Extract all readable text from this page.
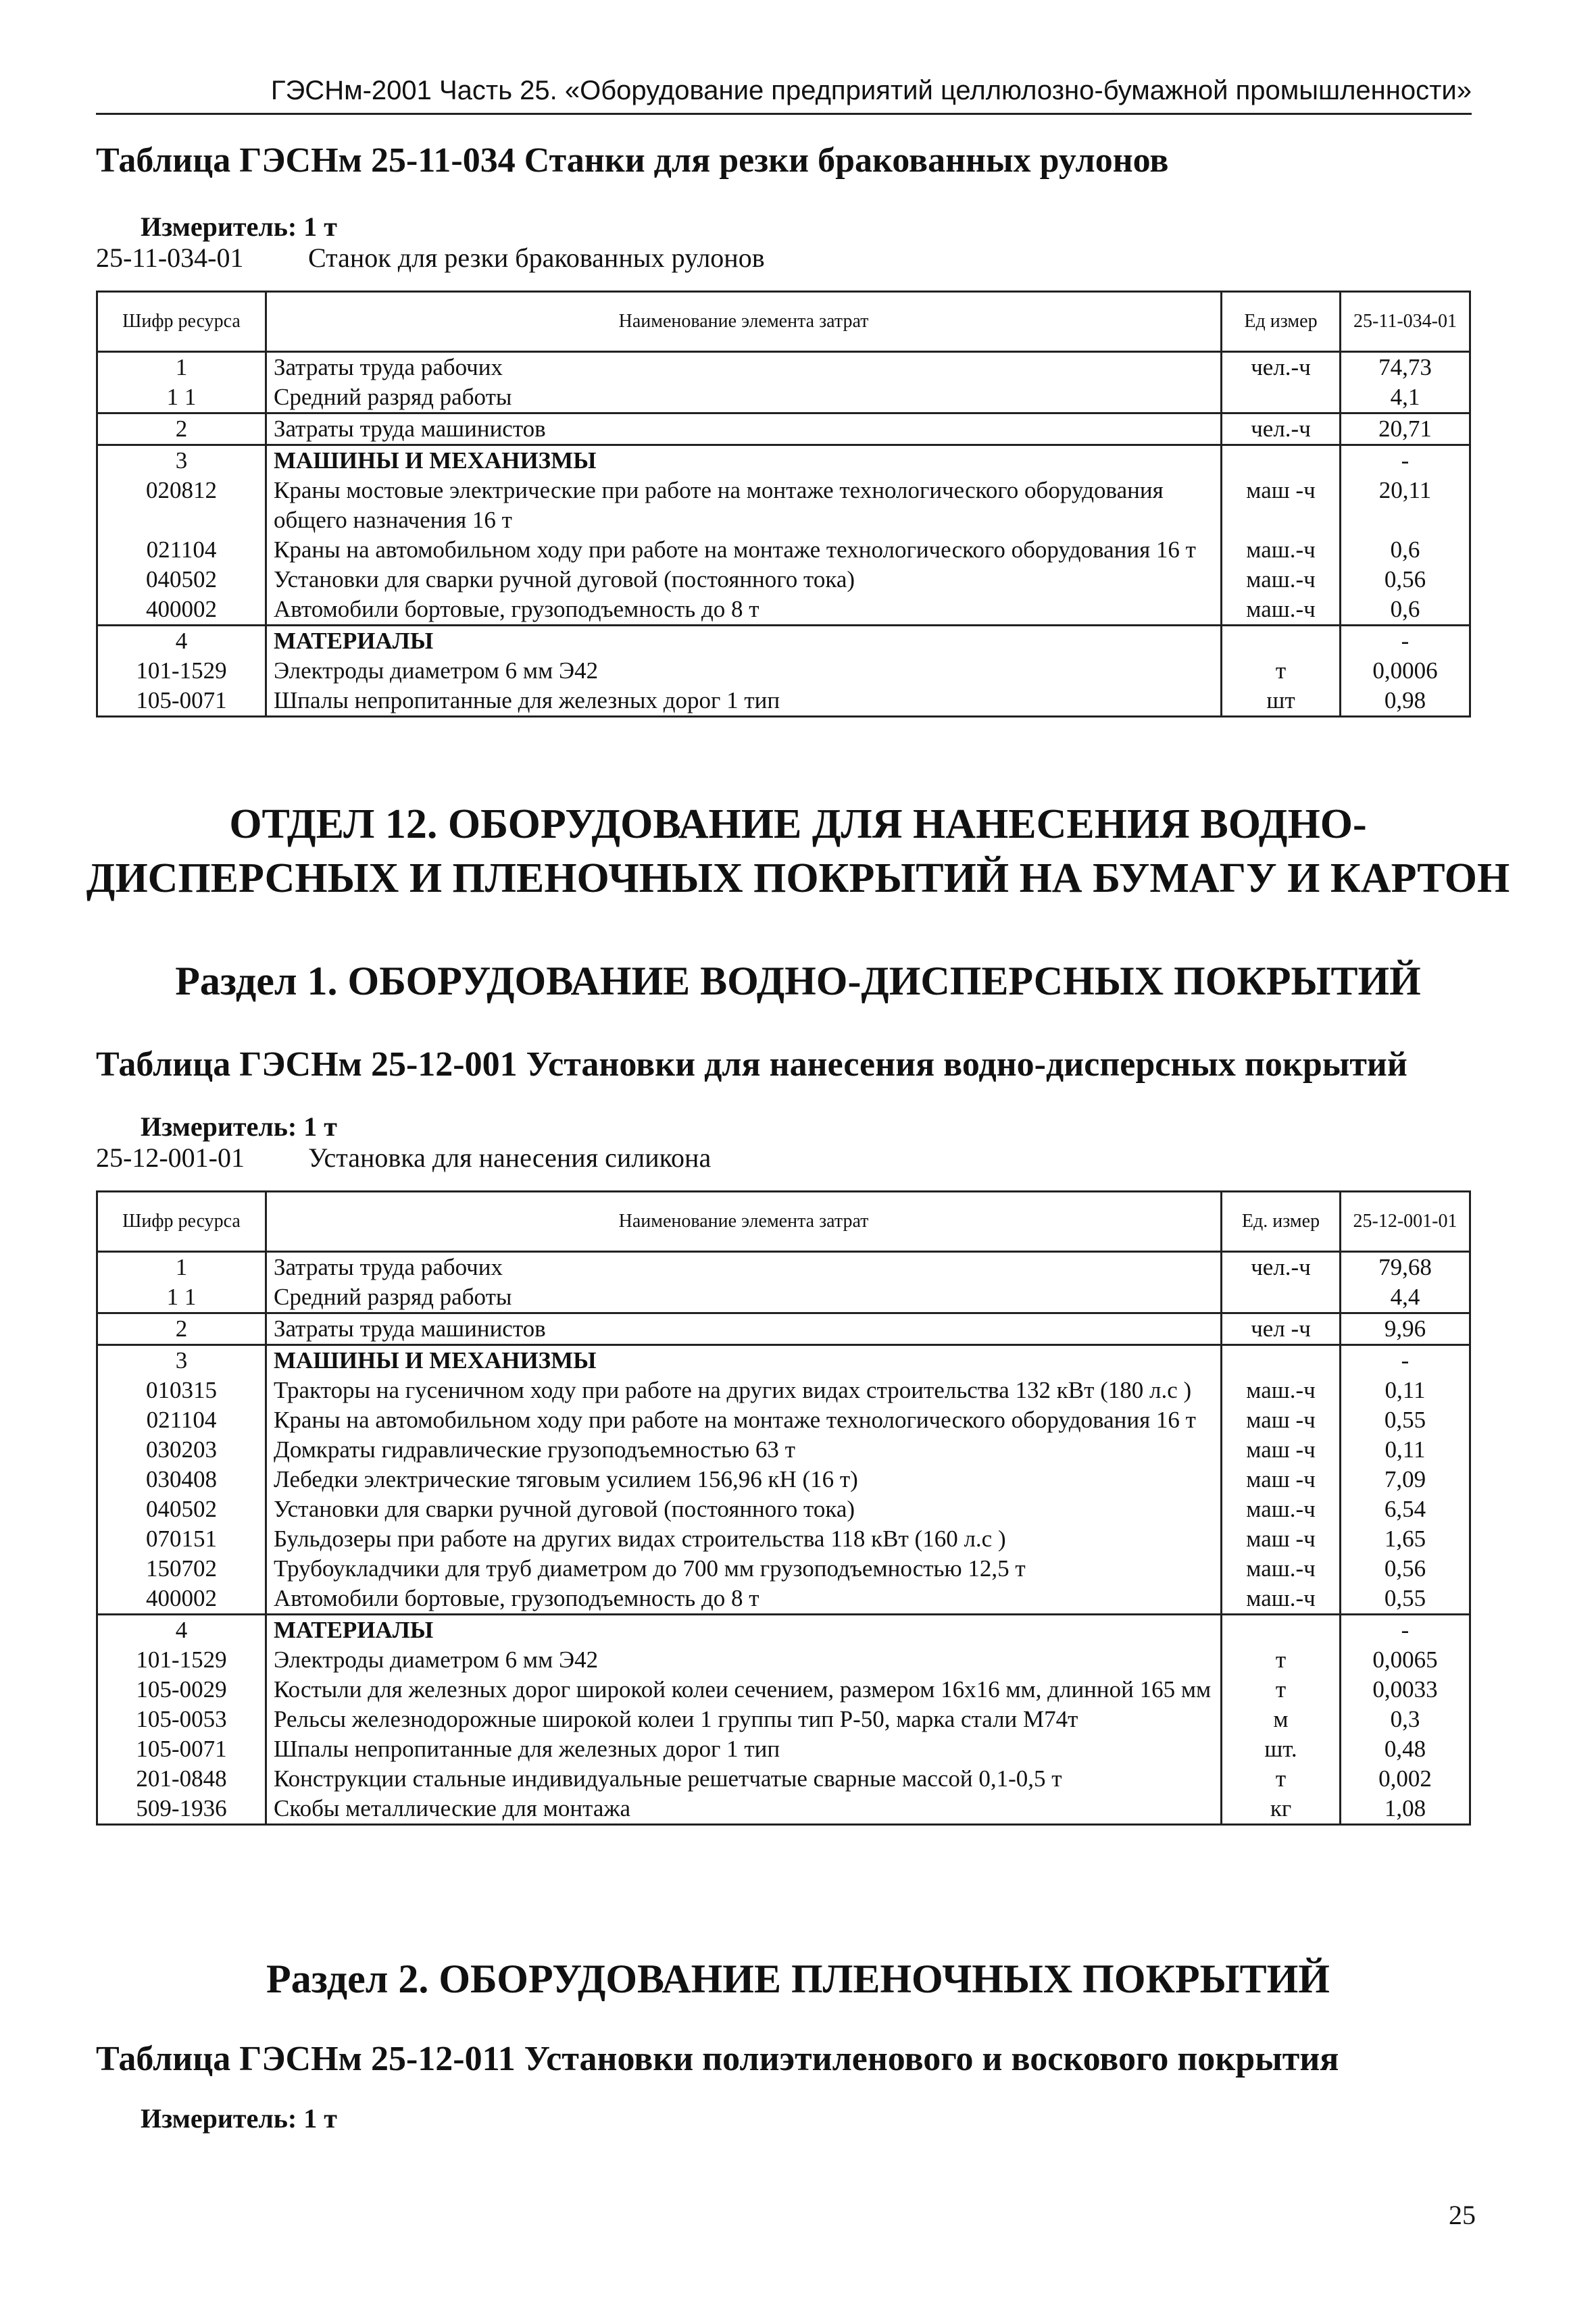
ГЭСНм-2001 Часть 25. «Оборудование предприятий целлюлозно-бумажной промышленности»
Таблица ГЭСНм 25-11-034 Станки для резки бракованных рулонов
Измеритель: 1 т
25-11-034-01 Станок для резки бракованных рулонов
Шифр ресурса	Наименование элемента затрат	Ед измер	25-11-034-01
1	Затраты труда рабочих	чел.-ч	74,73
1 1	Средний разряд работы		4,1
2	Затраты труда машинистов	чел.-ч	20,71
3	МАШИНЫ И МЕХАНИЗМЫ		-
020812	Краны мостовые электрические при работе на монтаже технологического оборудования общего назначения 16 т	маш -ч	20,11
021104	Краны на автомобильном ходу при работе на монтаже технологического оборудования 16 т	маш.-ч	0,6
040502	Установки для сварки ручной дуговой (постоянного тока)	маш.-ч	0,56
400002	Автомобили бортовые, грузоподъемность до 8 т	маш.-ч	0,6
4	МАТЕРИАЛЫ		-
101-1529	Электроды диаметром 6 мм Э42	т	0,0006
105-0071	Шпалы непропитанные для железных дорог 1 тип	шт	0,98
ОТДЕЛ 12. ОБОРУДОВАНИЕ ДЛЯ НАНЕСЕНИЯ ВОДНО-
ДИСПЕРСНЫХ И ПЛЕНОЧНЫХ ПОКРЫТИЙ НА БУМАГУ И КАРТОН
Раздел 1. ОБОРУДОВАНИЕ ВОДНО-ДИСПЕРСНЫХ ПОКРЫТИЙ
Таблица ГЭСНм 25-12-001 Установки для нанесения водно-дисперсных покрытий
Измеритель: 1 т
25-12-001-01 Установка для нанесения силикона
Шифр ресурса	Наименование элемента затрат	Ед. измер	25-12-001-01
1	Затраты труда рабочих	чел.-ч	79,68
1 1	Средний разряд работы		4,4
2	Затраты труда машинистов	чел -ч	9,96
3	МАШИНЫ И МЕХАНИЗМЫ		-
010315	Тракторы на гусеничном ходу при работе на других видах строительства 132 кВт (180 л.с )	маш.-ч	0,11
021104	Краны на автомобильном ходу при работе на монтаже технологического оборудования 16 т	маш -ч	0,55
030203	Домкраты гидравлические грузоподъемностью 63 т	маш -ч	0,11
030408	Лебедки электрические тяговым усилием 156,96 кН (16 т)	маш -ч	7,09
040502	Установки для сварки ручной дуговой (постоянного тока)	маш.-ч	6,54
070151	Бульдозеры при работе на других видах строительства 118 кВт (160 л.с )	маш -ч	1,65
150702	Трубоукладчики для труб диаметром до 700 мм грузоподъемностью 12,5 т	маш.-ч	0,56
400002	Автомобили бортовые, грузоподъемность до 8 т	маш.-ч	0,55
4	МАТЕРИАЛЫ		-
101-1529	Электроды диаметром 6 мм Э42	т	0,0065
105-0029	Костыли для железных дорог широкой колеи сечением, размером 16х16 мм, длинной 165 мм	т	0,0033
105-0053	Рельсы железнодорожные широкой колеи 1 группы тип Р-50, марка стали М74т	м	0,3
105-0071	Шпалы непропитанные для железных дорог 1 тип	шт.	0,48
201-0848	Конструкции стальные индивидуальные решетчатые сварные массой 0,1-0,5 т	т	0,002
509-1936	Скобы металлические для монтажа	кг	1,08
Раздел 2. ОБОРУДОВАНИЕ ПЛЕНОЧНЫХ ПОКРЫТИЙ
Таблица ГЭСНм 25-12-011 Установки полиэтиленового и воскового покрытия
Измеритель: 1 т
25
